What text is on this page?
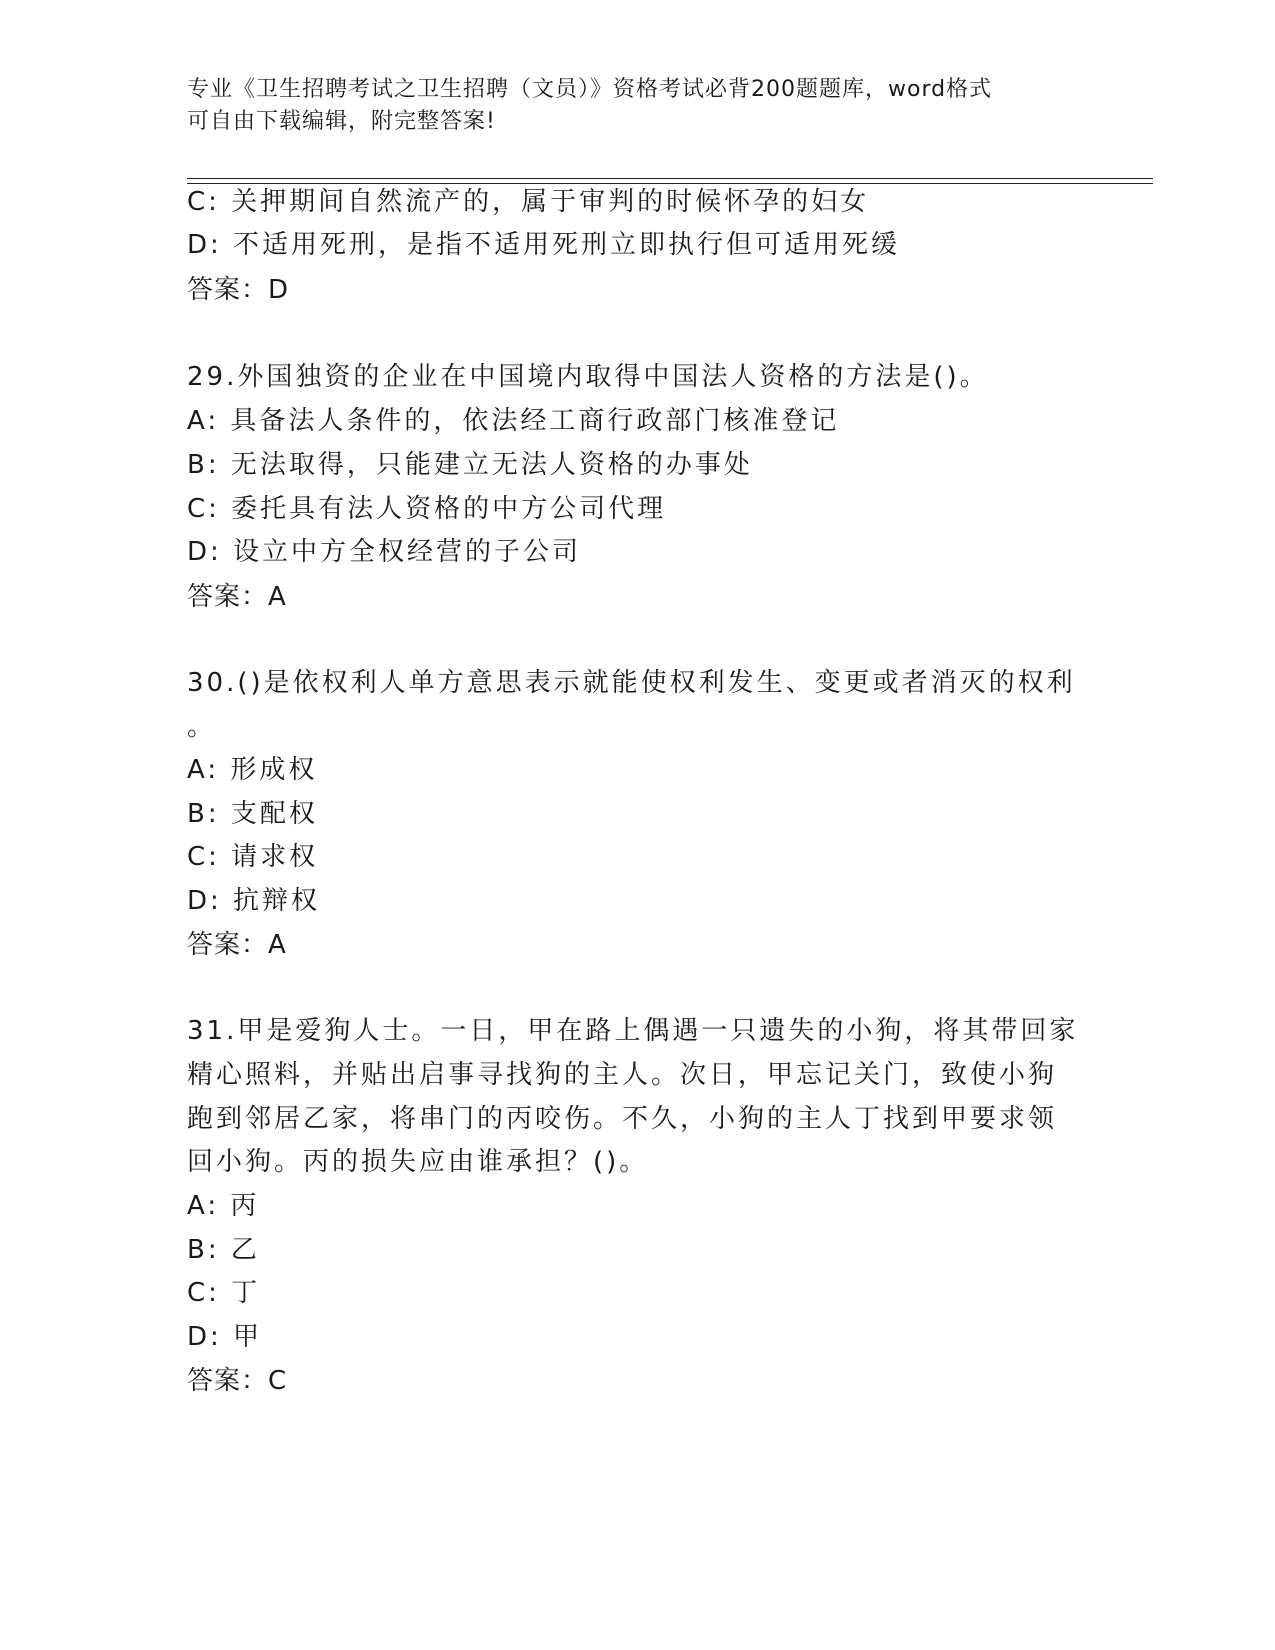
专业《卫生招聘考试之卫生招聘（文员）》资格考试必背200题题库，word格式
可自由下载编辑，附完整答案!
C: 关押期间自然流产的，属于审判的时候怀孕的妇女
D: 不适用死刑，是指不适用死刑立即执行但可适用死缓
答案：D
29.外国独资的企业在中国境内取得中国法人资格的方法是()。
A: 具备法人条件的，依法经工商行政部门核准登记
B: 无法取得，只能建立无法人资格的办事处
C: 委托具有法人资格的中方公司代理
D: 设立中方全权经营的子公司
答案：A
30.()是依权利人单方意思表示就能使权利发生、变更或者消灭的权利
。
A: 形成权
B: 支配权
C: 请求权
D: 抗辩权
答案：A
31.甲是爱狗人士。一日，甲在路上偶遇一只遗失的小狗，将其带回家
精心照料，并贴出启事寻找狗的主人。次日，甲忘记关门，致使小狗
跑到邻居乙家，将串门的丙咬伤。不久，小狗的主人丁找到甲要求领
回小狗。丙的损失应由谁承担？()。
A: 丙
B: 乙
C: 丁
D: 甲
答案：C
